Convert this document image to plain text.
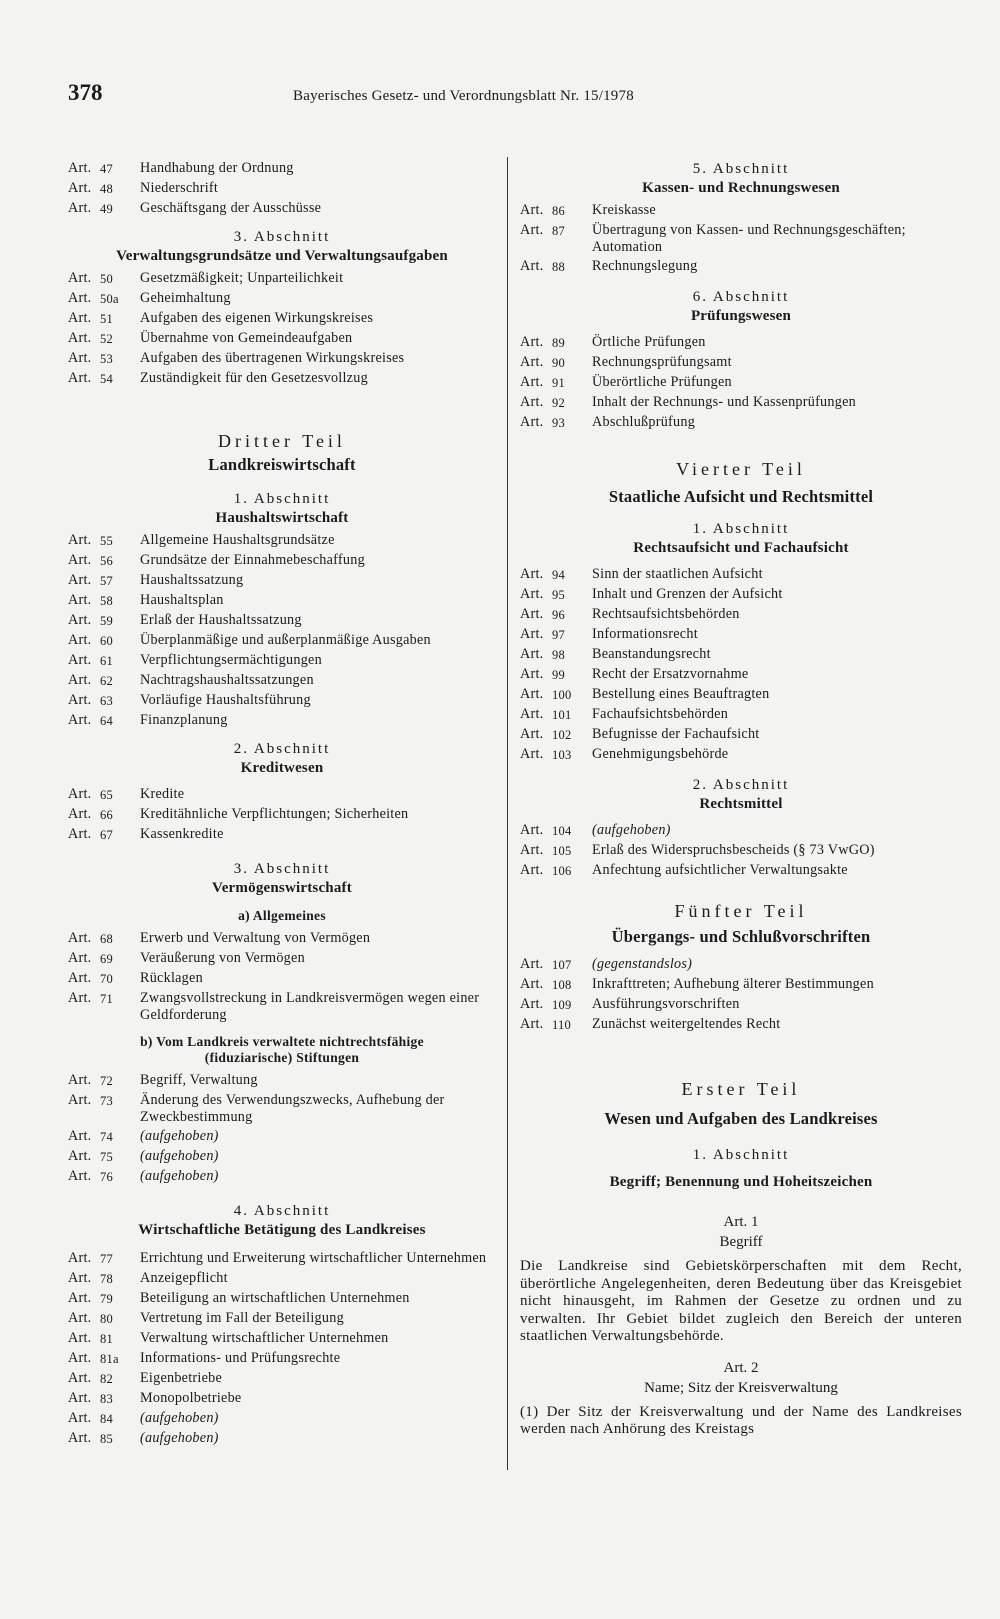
378	Bayerisches Gesetz- und Verordnungsblatt Nr. 15/1978
Art. 47	Handhabung der Ordnung
Art. 48	Niederschrift
Art. 49	Geschäftsgang der Ausschüsse
3. Abschnitt
Verwaltungsgrundsätze und Verwaltungsaufgaben
Art. 50	Gesetzmäßigkeit; Unparteilichkeit
Art. 50a	Geheimhaltung
Art. 51	Aufgaben des eigenen Wirkungskreises
Art. 52	Übernahme von Gemeindeaufgaben
Art. 53	Aufgaben des übertragenen Wirkungskreises
Art. 54	Zuständigkeit für den Gesetzesvollzug
Dritter Teil
Landkreiswirtschaft
1. Abschnitt
Haushaltswirtschaft
Art. 55	Allgemeine Haushaltsgrundsätze
Art. 56	Grundsätze der Einnahmebeschaffung
Art. 57	Haushaltssatzung
Art. 58	Haushaltsplan
Art. 59	Erlaß der Haushaltssatzung
Art. 60	Überplanmäßige und außerplanmäßige Ausgaben
Art. 61	Verpflichtungsermächtigungen
Art. 62	Nachtragshaushaltssatzungen
Art. 63	Vorläufige Haushaltsführung
Art. 64	Finanzplanung
2. Abschnitt
Kreditwesen
Art. 65	Kredite
Art. 66	Kreditähnliche Verpflichtungen; Sicherheiten
Art. 67	Kassenkredite
3. Abschnitt
Vermögenswirtschaft
a) Allgemeines
Art. 68	Erwerb und Verwaltung von Vermögen
Art. 69	Veräußerung von Vermögen
Art. 70	Rücklagen
Art. 71	Zwangsvollstreckung in Landkreisvermögen wegen einer Geldforderung
b) Vom Landkreis verwaltete nichtrechtsfähige (fiduziarische) Stiftungen
Art. 72	Begriff, Verwaltung
Art. 73	Änderung des Verwendungszwecks, Aufhebung der Zweckbestimmung
Art. 74	(aufgehoben)
Art. 75	(aufgehoben)
Art. 76	(aufgehoben)
4. Abschnitt
Wirtschaftliche Betätigung des Landkreises
Art. 77	Errichtung und Erweiterung wirtschaftlicher Unternehmen
Art. 78	Anzeigepflicht
Art. 79	Beteiligung an wirtschaftlichen Unternehmen
Art. 80	Vertretung im Fall der Beteiligung
Art. 81	Verwaltung wirtschaftlicher Unternehmen
Art. 81a	Informations- und Prüfungsrechte
Art. 82	Eigenbetriebe
Art. 83	Monopolbetriebe
Art. 84	(aufgehoben)
Art. 85	(aufgehoben)
5. Abschnitt
Kassen- und Rechnungswesen
Art. 86	Kreiskasse
Art. 87	Übertragung von Kassen- und Rechnungsgeschäften; Automation
Art. 88	Rechnungslegung
6. Abschnitt
Prüfungswesen
Art. 89	Örtliche Prüfungen
Art. 90	Rechnungsprüfungsamt
Art. 91	Überörtliche Prüfungen
Art. 92	Inhalt der Rechnungs- und Kassenprüfungen
Art. 93	Abschlußprüfung
Vierter Teil
Staatliche Aufsicht und Rechtsmittel
1. Abschnitt
Rechtsaufsicht und Fachaufsicht
Art. 94	Sinn der staatlichen Aufsicht
Art. 95	Inhalt und Grenzen der Aufsicht
Art. 96	Rechtsaufsichtsbehörden
Art. 97	Informationsrecht
Art. 98	Beanstandungsrecht
Art. 99	Recht der Ersatzvornahme
Art. 100	Bestellung eines Beauftragten
Art. 101	Fachaufsichtsbehörden
Art. 102	Befugnisse der Fachaufsicht
Art. 103	Genehmigungsbehörde
2. Abschnitt
Rechtsmittel
Art. 104	(aufgehoben)
Art. 105	Erlaß des Widerspruchsbescheids (§ 73 VwGO)
Art. 106	Anfechtung aufsichtlicher Verwaltungsakte
Fünfter Teil
Übergangs- und Schlußvorschriften
Art. 107	(gegenstandslos)
Art. 108	Inkrafttreten; Aufhebung älterer Bestimmungen
Art. 109	Ausführungsvorschriften
Art. 110	Zunächst weitergeltendes Recht
Erster Teil
Wesen und Aufgaben des Landkreises
1. Abschnitt
Begriff; Benennung und Hoheitszeichen
Art. 1
Begriff
Die Landkreise sind Gebietskörperschaften mit dem Recht, überörtliche Angelegenheiten, deren Bedeutung über das Kreisgebiet nicht hinausgeht, im Rahmen der Gesetze zu ordnen und zu verwalten. Ihr Gebiet bildet zugleich den Bereich der unteren staatlichen Verwaltungsbehörde.
Art. 2
Name; Sitz der Kreisverwaltung
(1) Der Sitz der Kreisverwaltung und der Name des Landkreises werden nach Anhörung des Kreistags
